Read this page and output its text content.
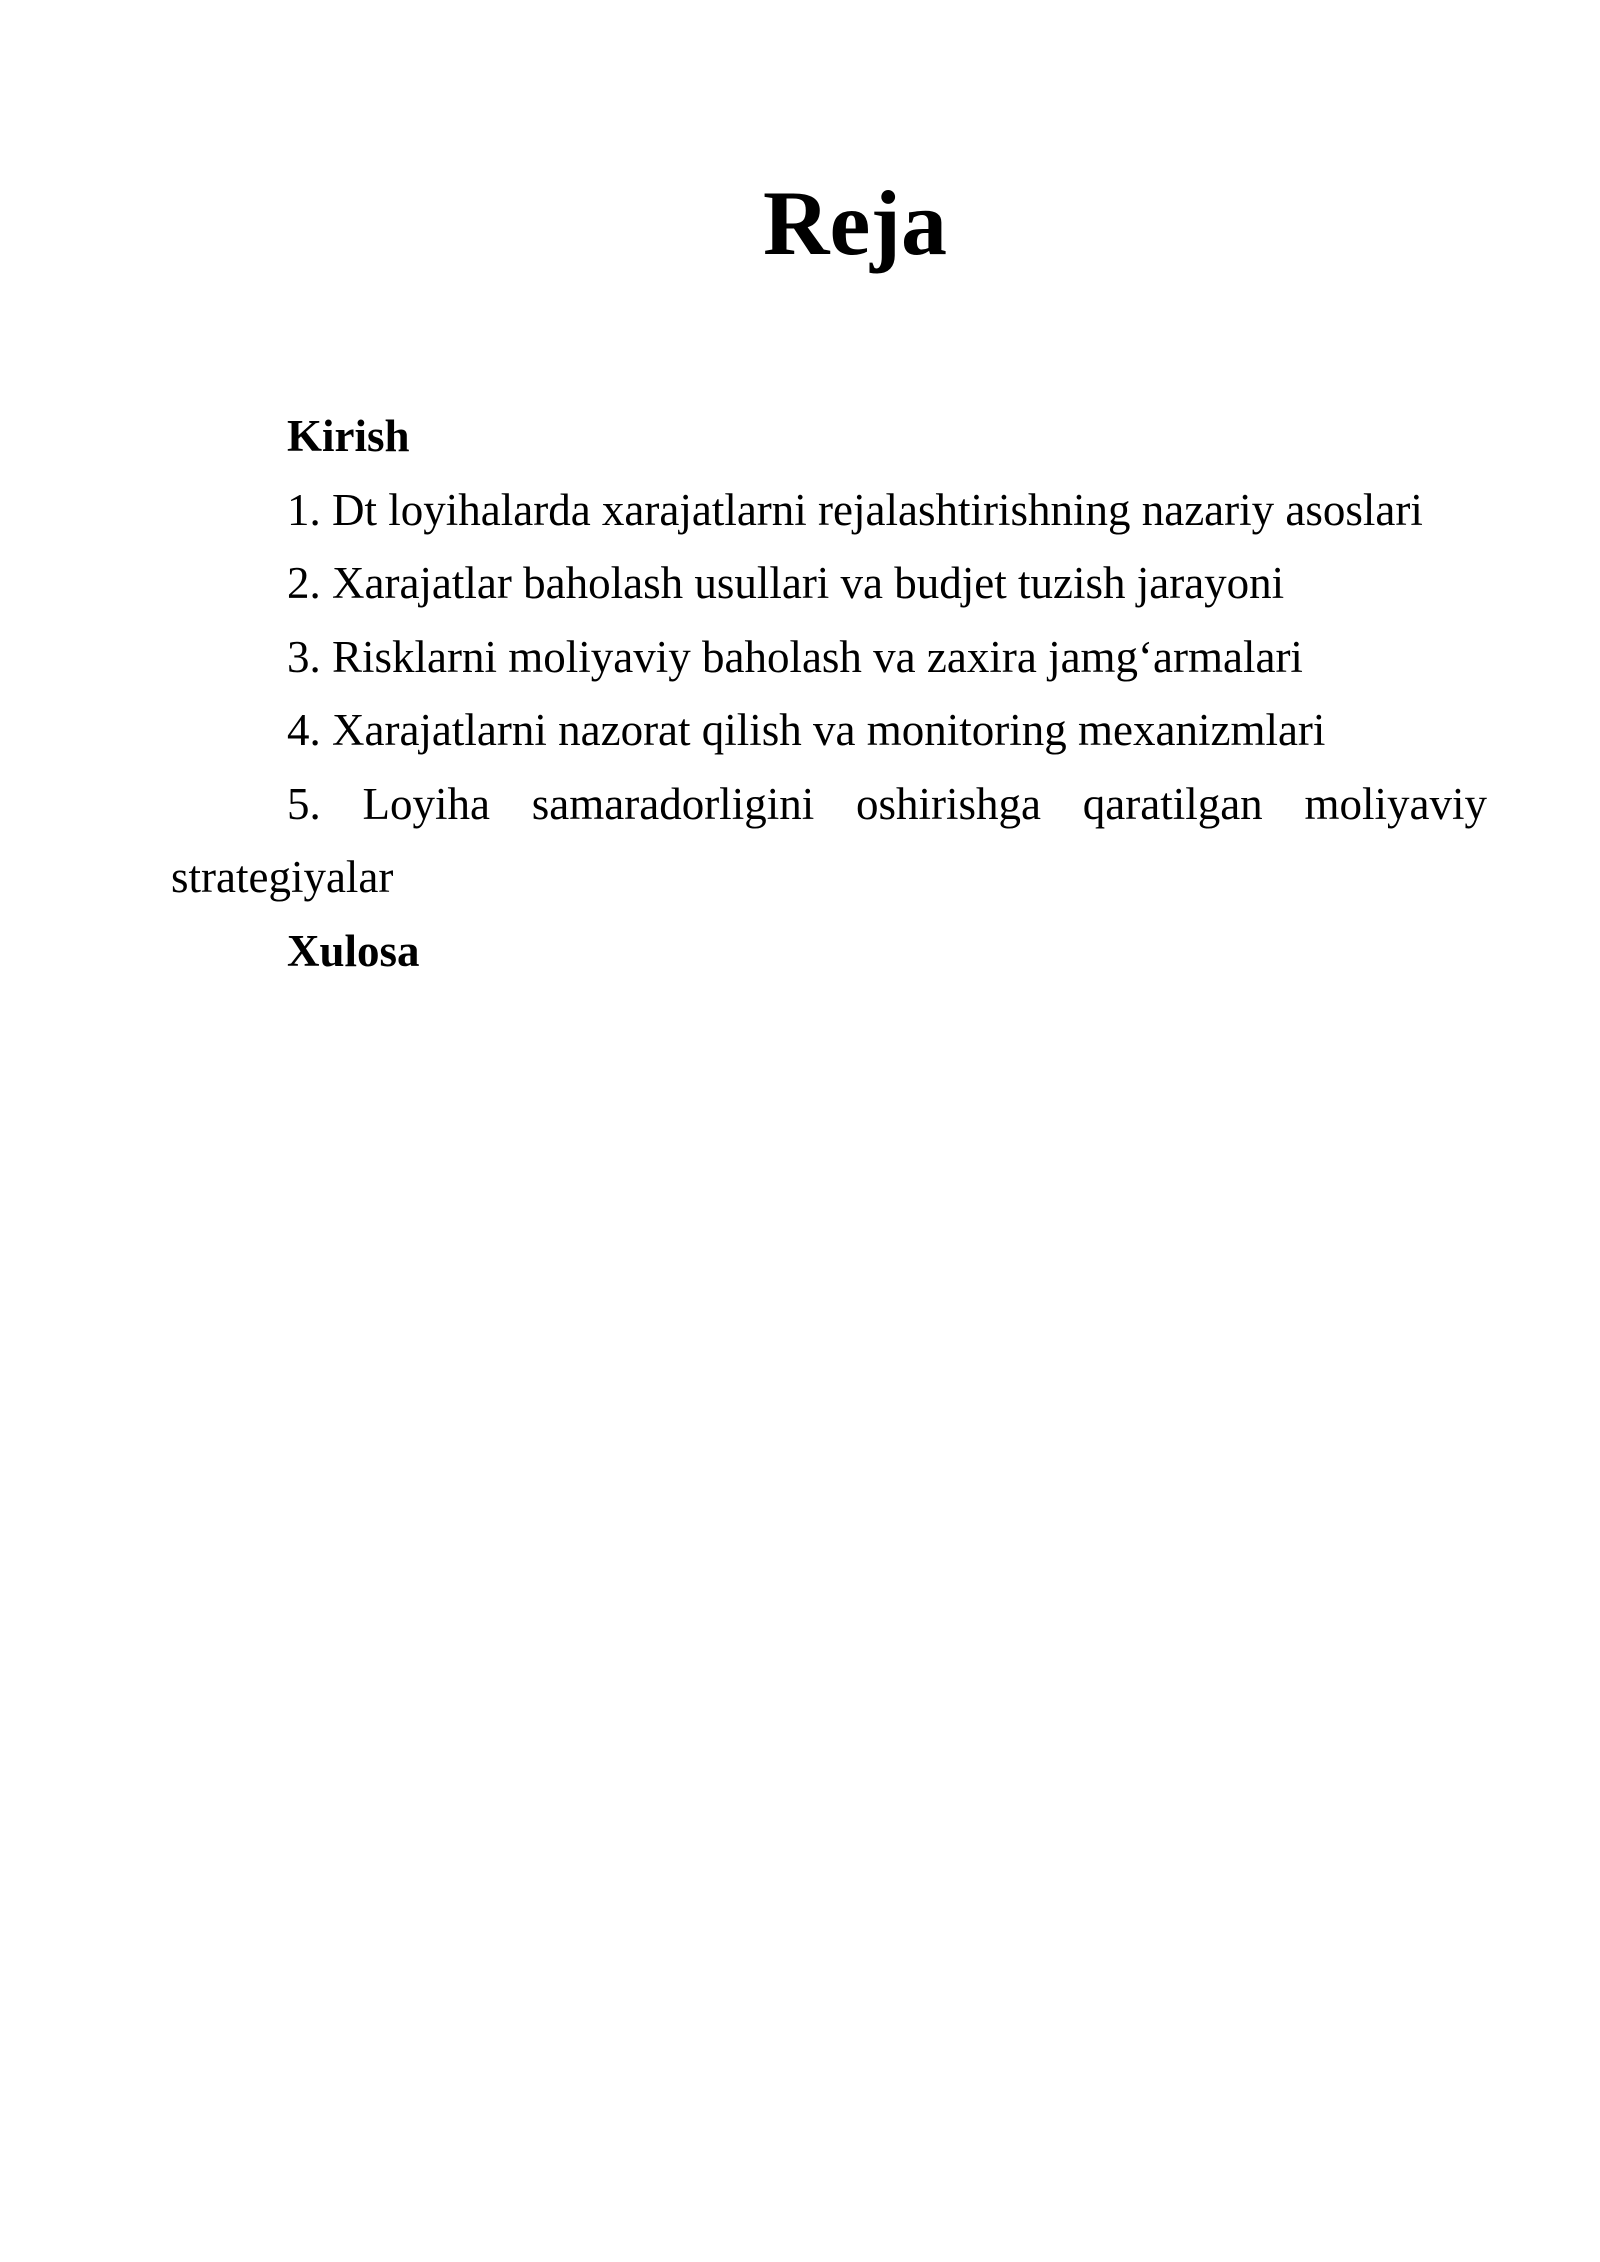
Reja

Kirish

1. Dt loyihalarda xarajatlarni rejalashtirishning nazariy asoslari

2. Xarajatlar baholash usullari va budjet tuzish jarayoni

3. Risklarni moliyaviy baholash va zaxira jamg‘armalari

4. Xarajatlarni nazorat qilish va monitoring mexanizmlari

5. Loyiha samaradorligini oshirishga qaratilgan moliyaviy

strategiyalar

Xulosa
